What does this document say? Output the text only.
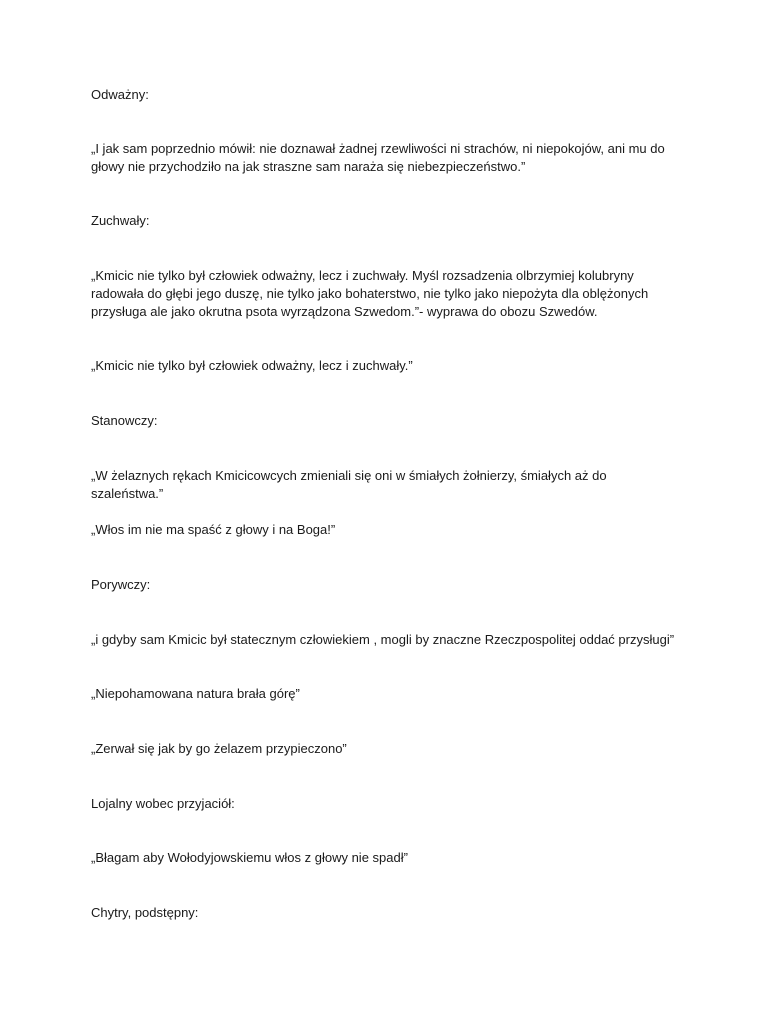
Odważny:

„I jak sam poprzednio mówił: nie doznawał żadnej rzewliwości ni strachów, ni niepokojów, ani mu do głowy nie przychodziło na jak straszne sam naraża się niebezpieczeństwo.”

Zuchwały:

„Kmicic nie tylko był człowiek odważny, lecz i zuchwały. Myśl rozsadzenia olbrzymiej kolubryny radowała do głębi jego duszę, nie tylko jako bohaterstwo, nie tylko jako niepożyta dla oblężonych przysługa ale jako okrutna psota wyrządzona Szwedom.”- wyprawa do obozu Szwedów.

„Kmicic nie tylko był człowiek odważny, lecz i zuchwały.”

Stanowczy:

„W żelaznych rękach Kmicicowcych zmieniali się oni w śmiałych żołnierzy, śmiałych aż do szaleństwa.”

„Włos im nie ma spaść z głowy i na Boga!”

Porywczy:

„i gdyby sam Kmicic był statecznym człowiekiem , mogli by znaczne Rzeczpospolitej oddać przysługi”

„Niepohamowana natura brała górę”

„Zerwał się jak by go żelazem przypieczono”

Lojalny wobec przyjaciół:

„Błagam aby Wołodyjowskiemu włos z głowy nie spadł”

Chytry, podstępny:
